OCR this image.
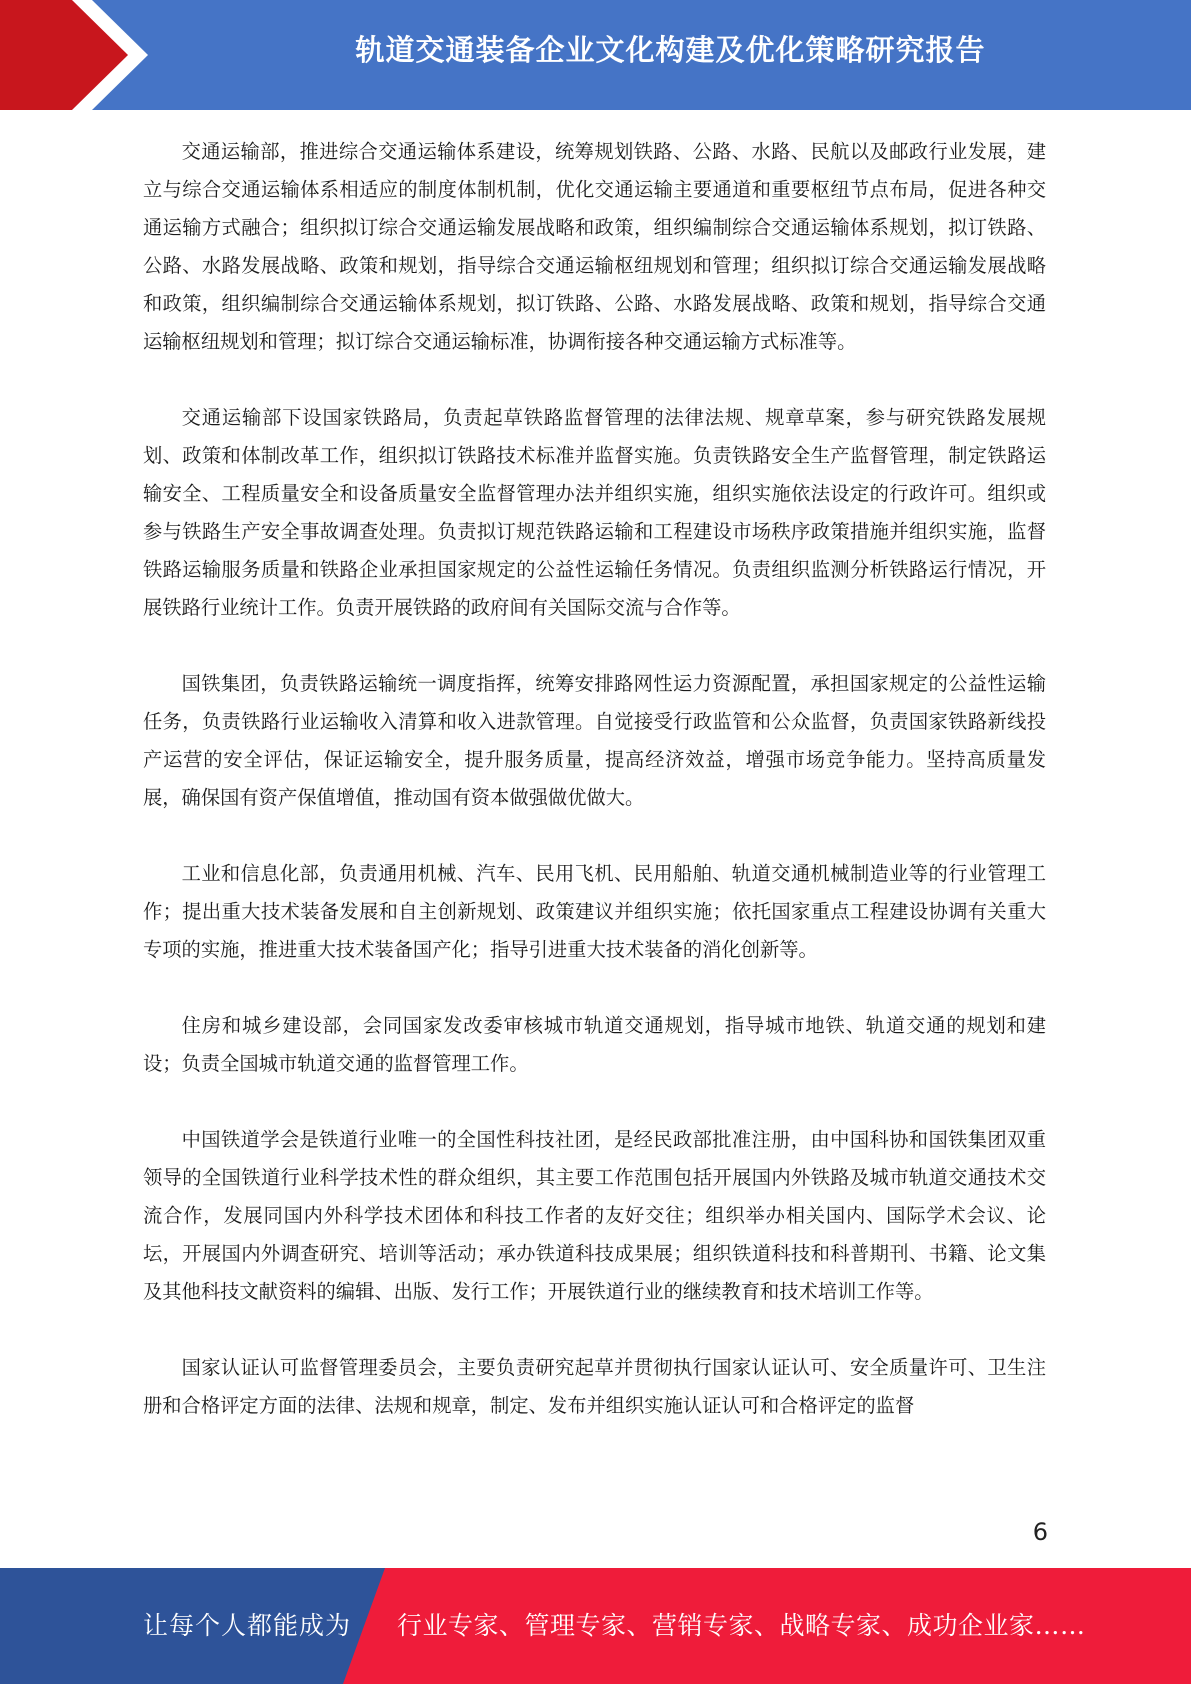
轨道交通装备企业文化构建及优化策略研究报告

交通运输部，推进综合交通运输体系建设，统筹规划铁路、公路、水路、民航以及邮政行业发展，建立与综合交通运输体系相适应的制度体制机制，优化交通运输主要通道和重要枢纽节点布局，促进各种交通运输方式融合；组织拟订综合交通运输发展战略和政策，组织编制综合交通运输体系规划，拟订铁路、公路、水路发展战略、政策和规划，指导综合交通运输枢纽规划和管理；组织拟订综合交通运输发展战略和政策，组织编制综合交通运输体系规划，拟订铁路、公路、水路发展战略、政策和规划，指导综合交通运输枢纽规划和管理；拟订综合交通运输标准，协调衔接各种交通运输方式标准等。

交通运输部下设国家铁路局，负责起草铁路监督管理的法律法规、规章草案，参与研究铁路发展规划、政策和体制改革工作，组织拟订铁路技术标准并监督实施。负责铁路安全生产监督管理，制定铁路运输安全、工程质量安全和设备质量安全监督管理办法并组织实施，组织实施依法设定的行政许可。组织或参与铁路生产安全事故调查处理。负责拟订规范铁路运输和工程建设市场秩序政策措施并组织实施，监督铁路运输服务质量和铁路企业承担国家规定的公益性运输任务情况。负责组织监测分析铁路运行情况，开展铁路行业统计工作。负责开展铁路的政府间有关国际交流与合作等。

国铁集团，负责铁路运输统一调度指挥，统筹安排路网性运力资源配置，承担国家规定的公益性运输任务，负责铁路行业运输收入清算和收入进款管理。自觉接受行政监管和公众监督，负责国家铁路新线投产运营的安全评估，保证运输安全，提升服务质量，提高经济效益，增强市场竞争能力。坚持高质量发展，确保国有资产保值增值，推动国有资本做强做优做大。

工业和信息化部，负责通用机械、汽车、民用飞机、民用船舶、轨道交通机械制造业等的行业管理工作；提出重大技术装备发展和自主创新规划、政策建议并组织实施；依托国家重点工程建设协调有关重大专项的实施，推进重大技术装备国产化；指导引进重大技术装备的消化创新等。

住房和城乡建设部，会同国家发改委审核城市轨道交通规划，指导城市地铁、轨道交通的规划和建设；负责全国城市轨道交通的监督管理工作。

中国铁道学会是铁道行业唯一的全国性科技社团，是经民政部批准注册，由中国科协和国铁集团双重领导的全国铁道行业科学技术性的群众组织，其主要工作范围包括开展国内外铁路及城市轨道交通技术交流合作，发展同国内外科学技术团体和科技工作者的友好交往；组织举办相关国内、国际学术会议、论坛，开展国内外调查研究、培训等活动；承办铁道科技成果展；组织铁道科技和科普期刊、书籍、论文集及其他科技文献资料的编辑、出版、发行工作；开展铁道行业的继续教育和技术培训工作等。

国家认证认可监督管理委员会，主要负责研究起草并贯彻执行国家认证认可、安全质量许可、卫生注册和合格评定方面的法律、法规和规章，制定、发布并组织实施认证认可和合格评定的监督

6
让每个人都能成为 行业专家、管理专家、营销专家、战略专家、成功企业家……
